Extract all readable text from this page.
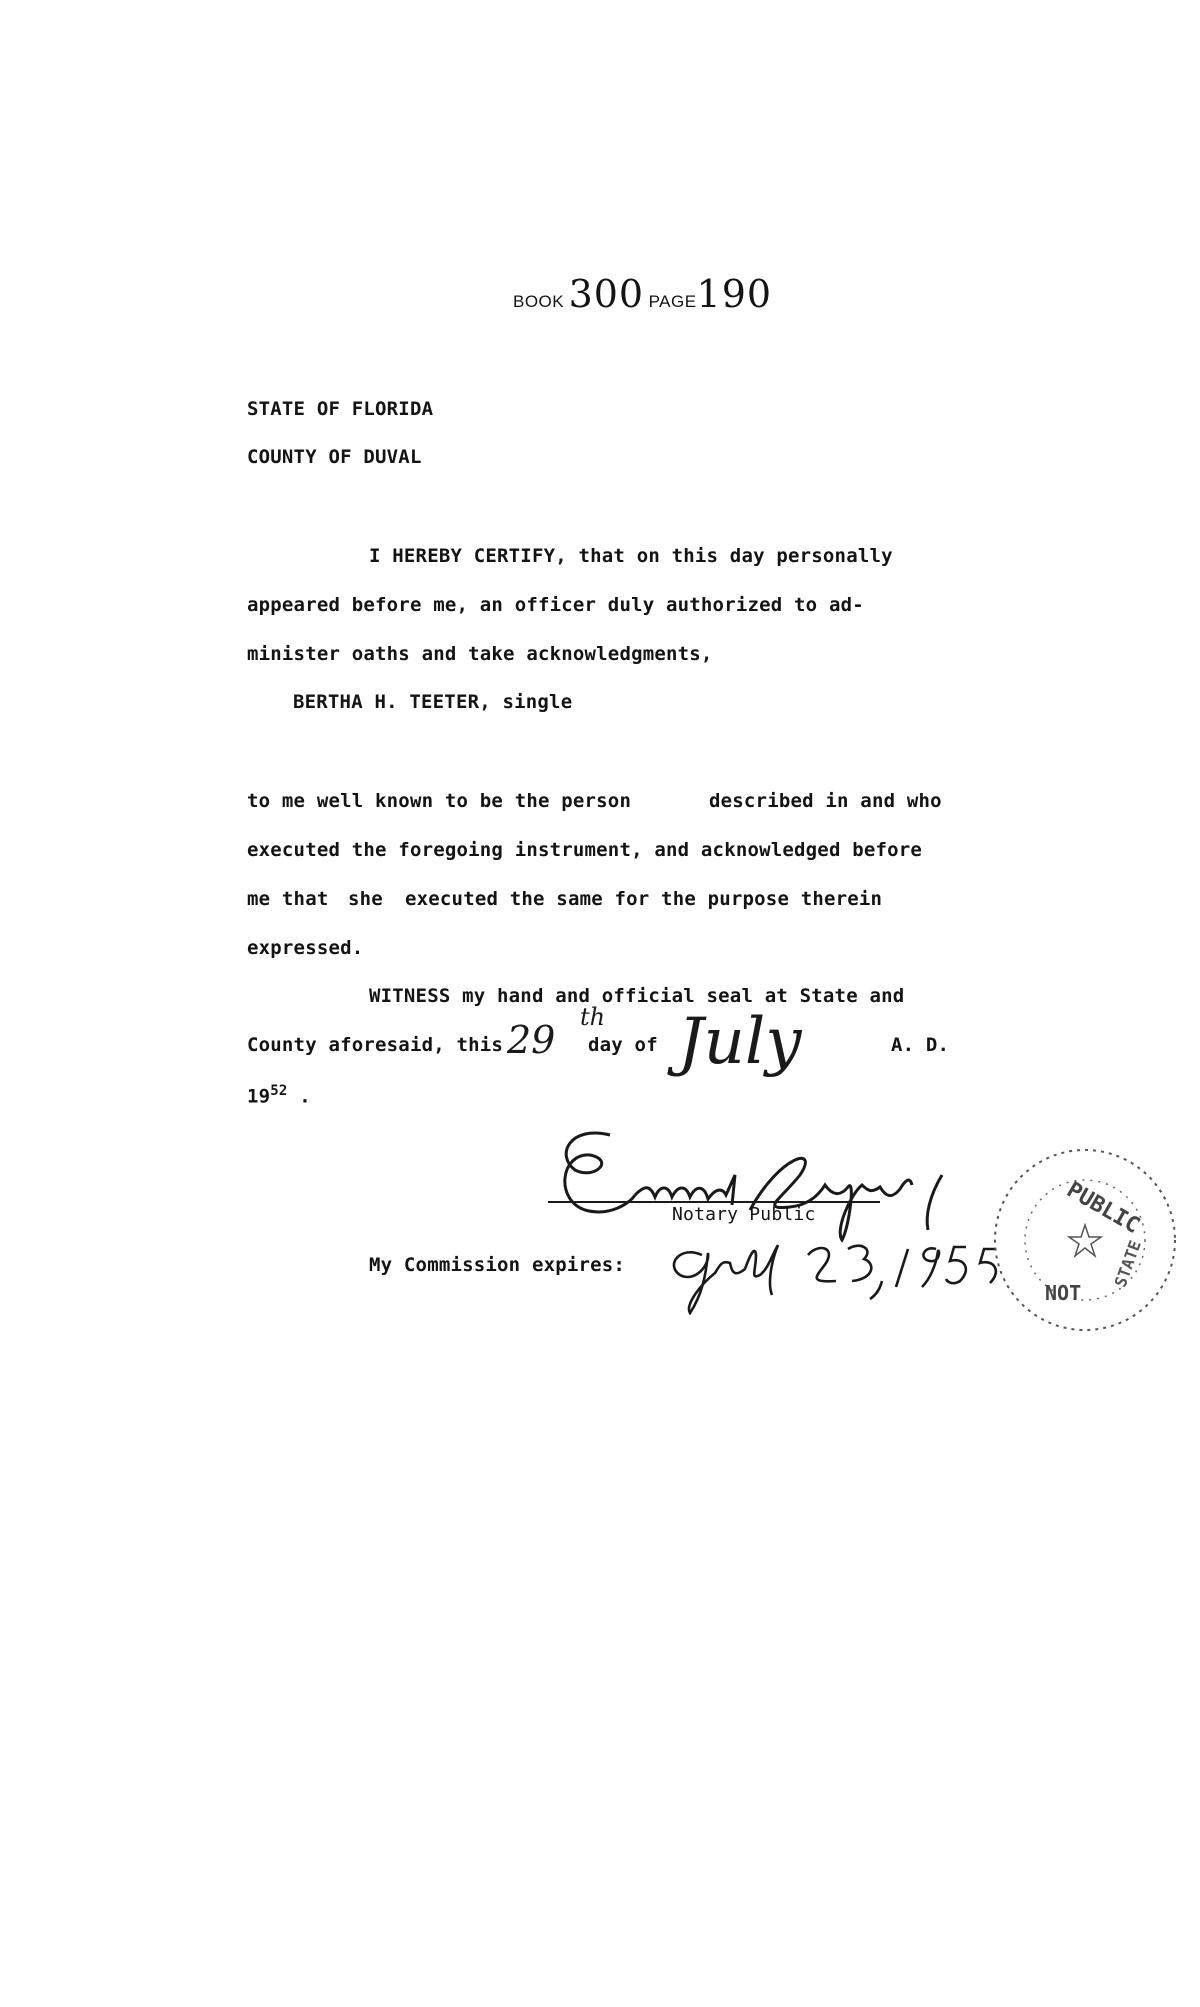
BOOK 300 PAGE190
STATE OF FLORIDA
COUNTY OF DUVAL
I HEREBY CERTIFY, that on this day personally
appeared before me, an officer duly authorized to ad-
minister oaths and take acknowledgments,
BERTHA H. TEETER, single
to me well known to be the person	described in and who
executed the foregoing instrument, and acknowledged before
me that she executed the same for the purpose therein
expressed.
WITNESS my hand and official seal at State and
County aforesaid, this 29
th
day of July	A. D.
$19^{52}$ .
Notary Public
My Commission expires:
PUBLIC
STATE
NOT
